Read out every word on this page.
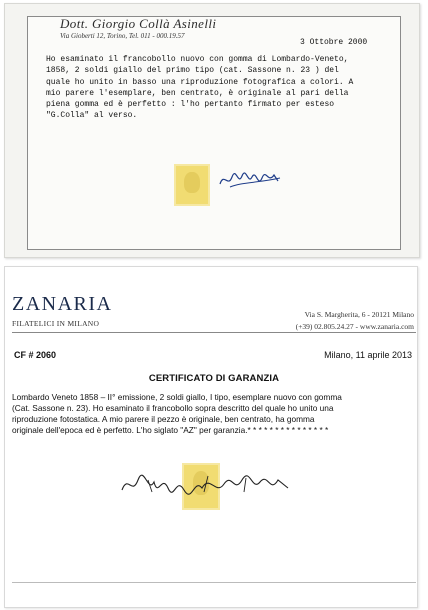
Dott. Giorgio Collà Asinelli
Via Gioberti 12, Torino, Tel. 011 - 000.19.57
3 Ottobre 2000
Ho esaminato il francobollo nuovo con gomma di Lombardo-Veneto,
1858, 2 soldi giallo del primo tipo (cat. Sassone n. 23 ) del
quale ho unito in basso una riproduzione fotografica a colori. A
mio parere l'esemplare, ben centrato, è originale al pari della
piena gomma ed è perfetto : l'ho pertanto firmato per esteso
"G.Colla" al verso.
ZANARIA
FILATELICI IN MILANO
Via S. Margherita, 6 - 20121 Milano
(+39) 02.805.24.27 - www.zanaria.com
CF # 2060	Milano, 11 aprile 2013
CERTIFICATO DI GARANZIA
Lombardo Veneto 1858 – II° emissione, 2 soldi giallo, I tipo, esemplare nuovo con gomma
(Cat. Sassone n. 23). Ho esaminato il francobollo sopra descritto del quale ho unito una
riproduzione fotostatica. A mio parere il pezzo è originale, ben centrato, ha gomma
originale dell'epoca ed è perfetto. L'ho siglato "AZ" per garanzia.* * * * * * * * * * * * * * *
